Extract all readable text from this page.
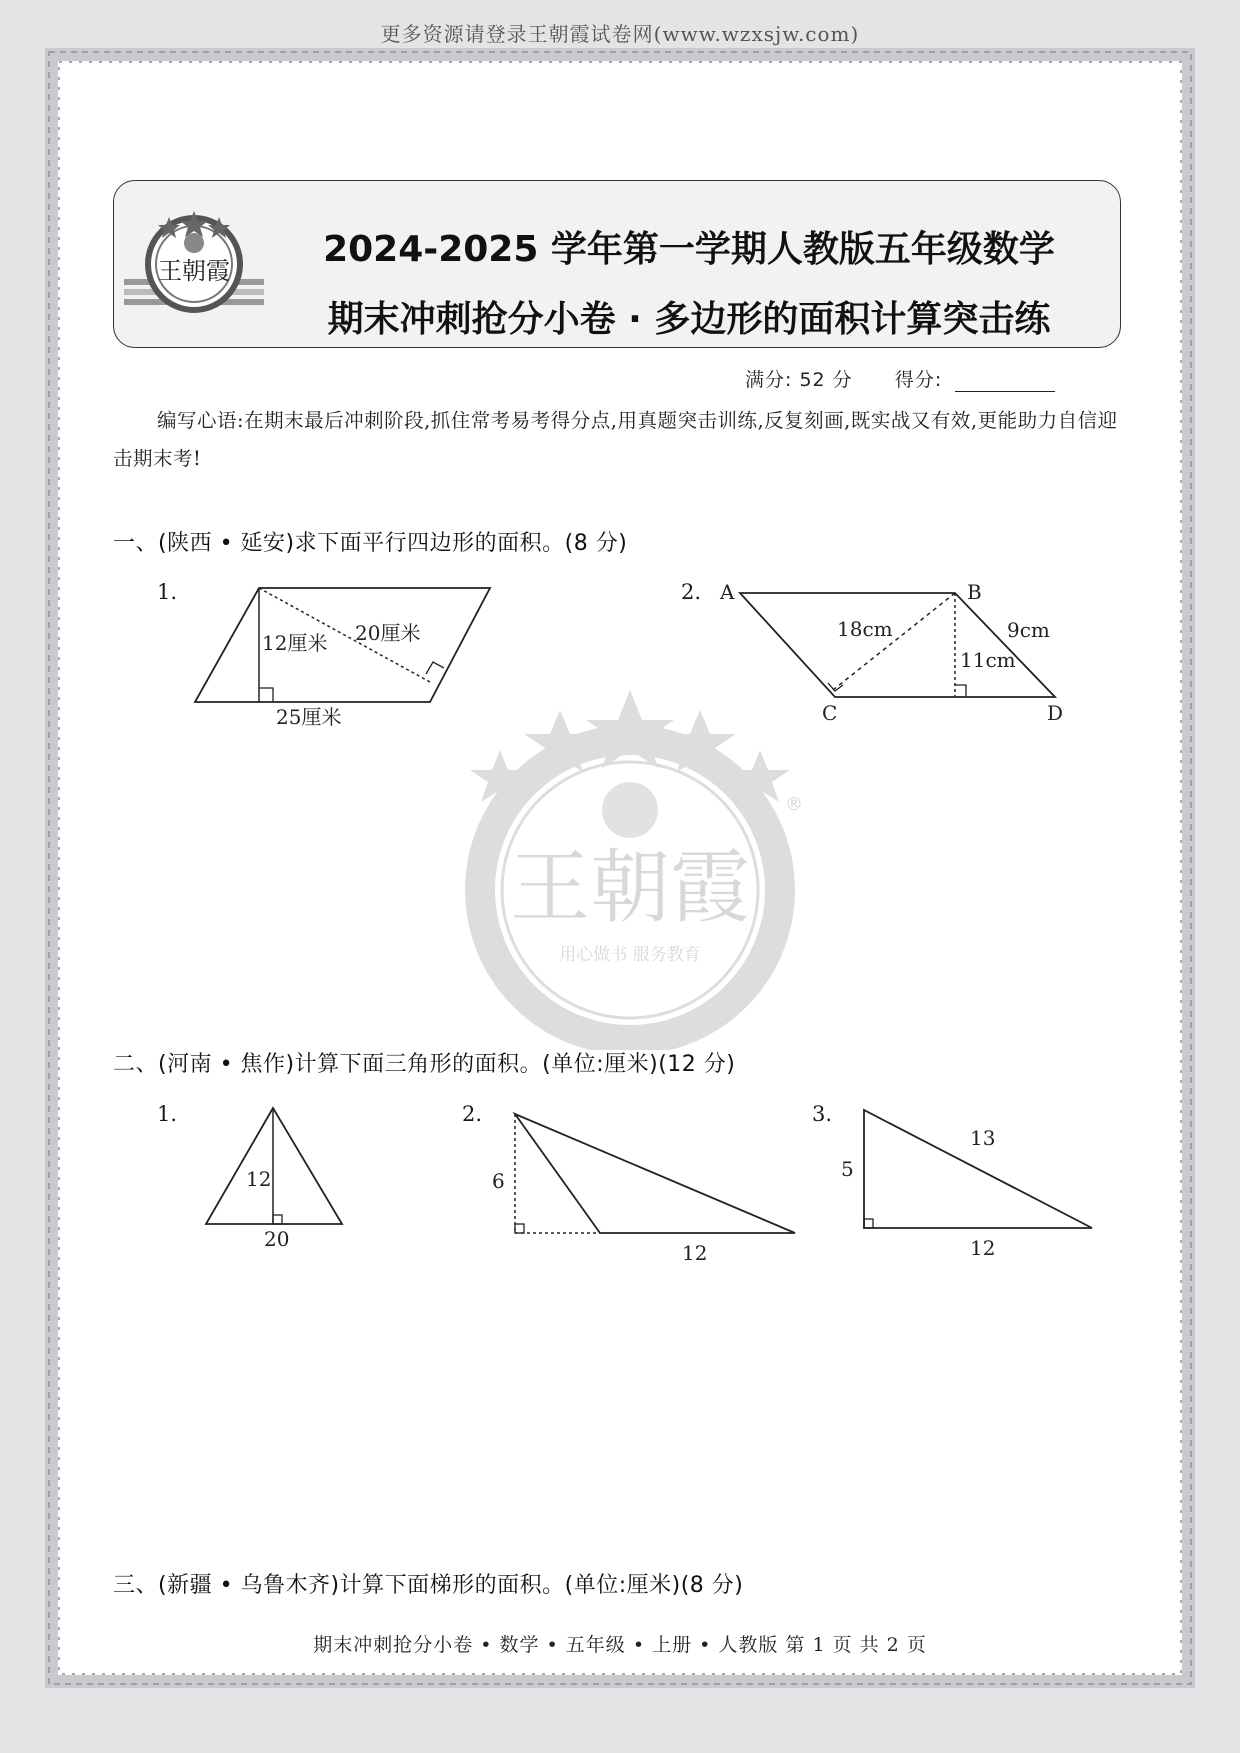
更多资源请登录王朝霞试卷网(www.wzxsjw.com)
王朝霞
用心做书 服务教育
®
王朝霞
2024-2025 学年第一学期人教版五年级数学
期末冲刺抢分小卷 · 多边形的面积计算突击练
满分: 52 分 得分:
编写心语:在期末最后冲刺阶段,抓住常考易考得分点,用真题突击训练,反复刻画,既实战又有效,更能助力自信迎击期末考!
一、(陕西 • 延安)求下面平行四边形的面积。(8 分)
1.
12厘米 20厘米
25厘米
2. A	B
C	D
18cm	9cm
11cm
二、(河南 • 焦作)计算下面三角形的面积。(单位:厘米)(12 分)
1.
12
20
2.
6
12
3.
5
13
12
三、(新疆 • 乌鲁木齐)计算下面梯形的面积。(单位:厘米)(8 分)
期末冲刺抢分小卷 • 数学 • 五年级 • 上册 • 人教版 第 1 页 共 2 页
